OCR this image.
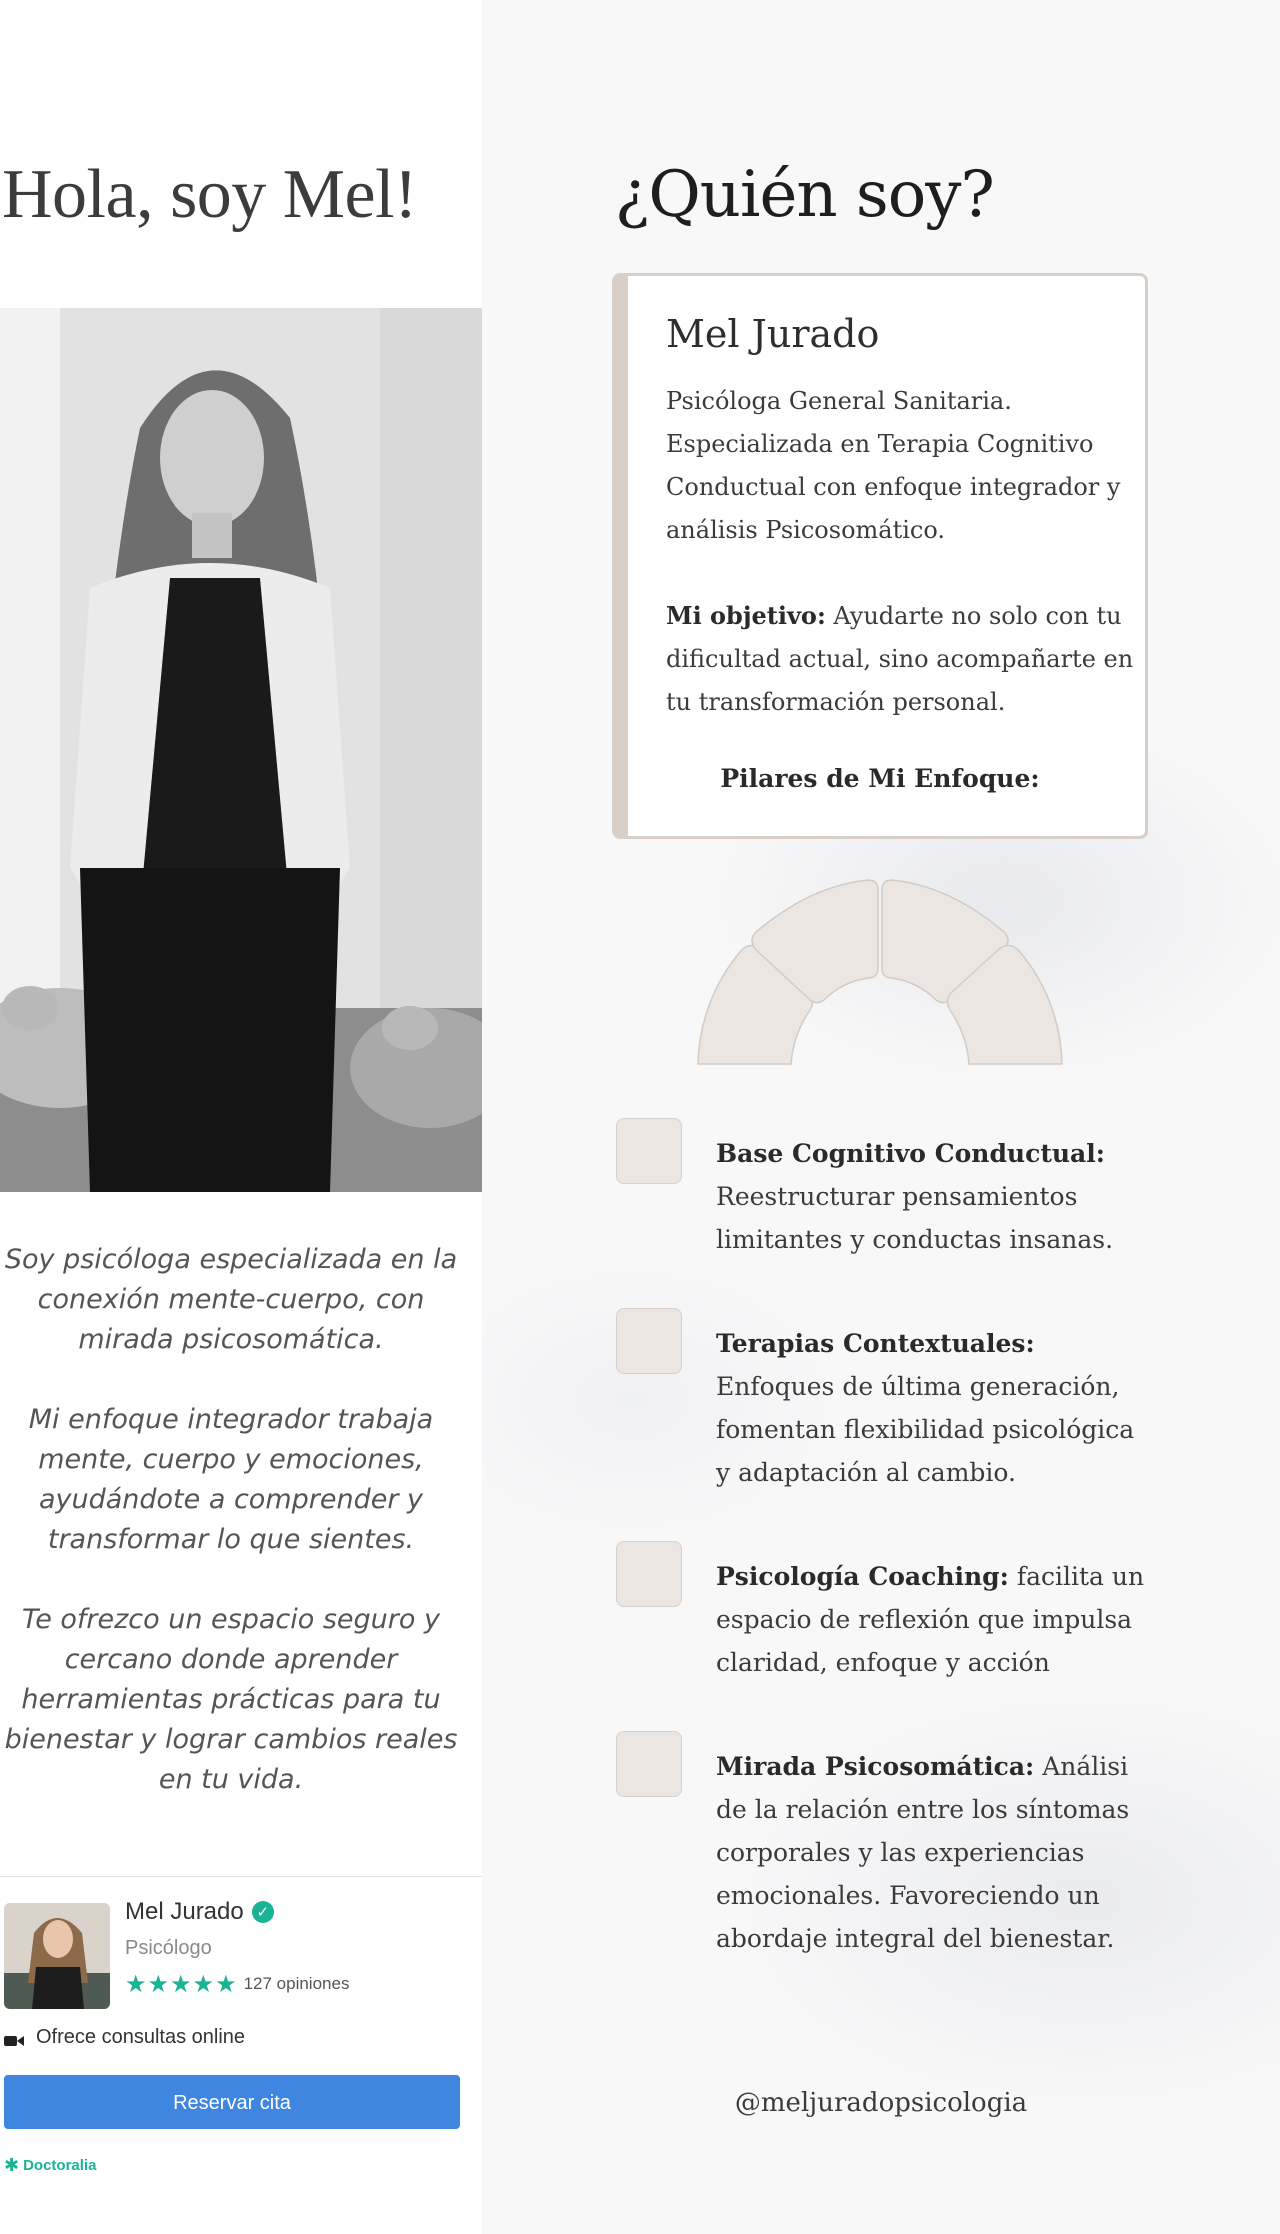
Hola, soy Mel!

Soy psicóloga especializada en la conexión mente-cuerpo, con mirada psicosomática.

Mi enfoque integrador trabaja mente, cuerpo y emociones, ayudándote a comprender y transformar lo que sientes.

Te ofrezco un espacio seguro y cercano donde aprender herramientas prácticas para tu bienestar y lograr cambios reales en tu vida.

Mel Jurado ✓
Psicólogo
★★★★★ 127 opiniones
Ofrece consultas online
Reservar cita
✱ Doctoralia
¿Quién soy?
Mel Jurado
Psicóloga General Sanitaria. Especializada en Terapia Cognitivo Conductual con enfoque integrador y análisis Psicosomático.
Mi objetivo: Ayudarte no solo con tu dificultad actual, sino acompañarte en tu transformación personal.
Pilares de Mi Enfoque:
Base Cognitivo Conductual: Reestructurar pensamientos limitantes y conductas insanas.
Terapias Contextuales: Enfoques de última generación, fomentan flexibilidad psicológica y adaptación al cambio.
Psicología Coaching: facilita un espacio de reflexión que impulsa claridad, enfoque y acción
Mirada Psicosomática: Análisi de la relación entre los síntomas corporales y las experiencias emocionales. Favoreciendo un abordaje integral del bienestar.
@meljuradopsicologia
